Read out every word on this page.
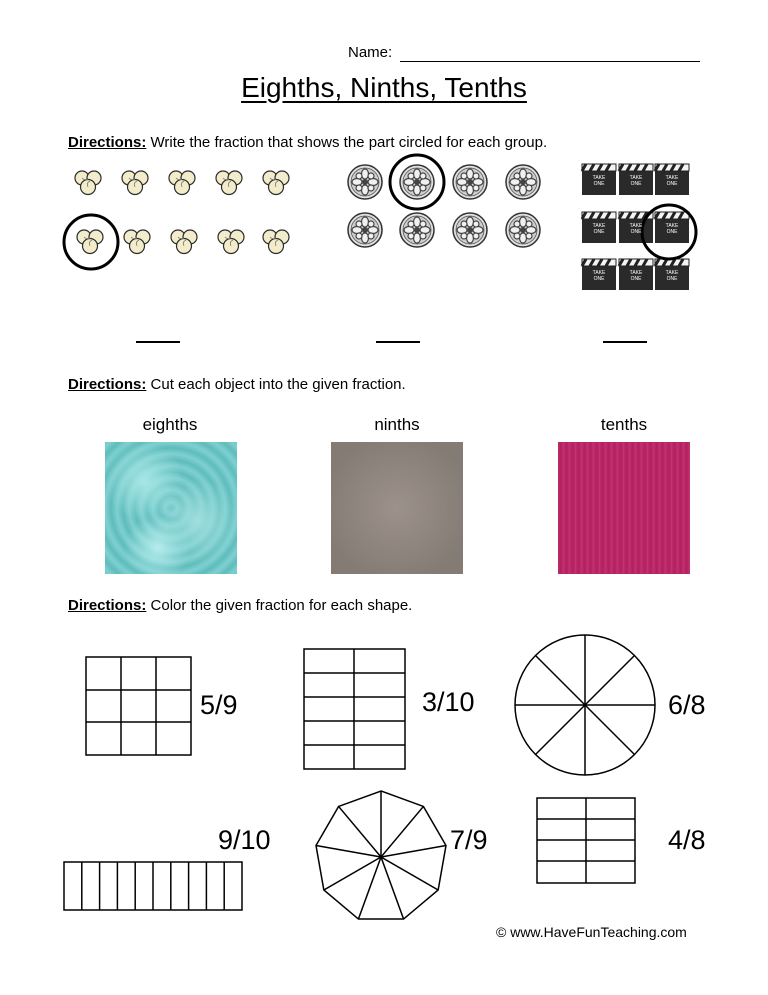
Name:
Eighths, Ninths, Tenths
Directions: Write the fraction that shows the part circled for each group.
TAKE
ONE
TAKE
ONE
TAKE
ONE
TAKE
ONE
TAKE
ONE
TAKE
ONE
TAKE
ONE
TAKE
ONE
TAKE
ONE
Directions: Cut each object into the given fraction.
eighths	ninths	tenths
Directions: Color the given fraction for each shape.
5/9	3/10	6/8
9/10	7/9	4/8
© www.HaveFunTeaching.com
